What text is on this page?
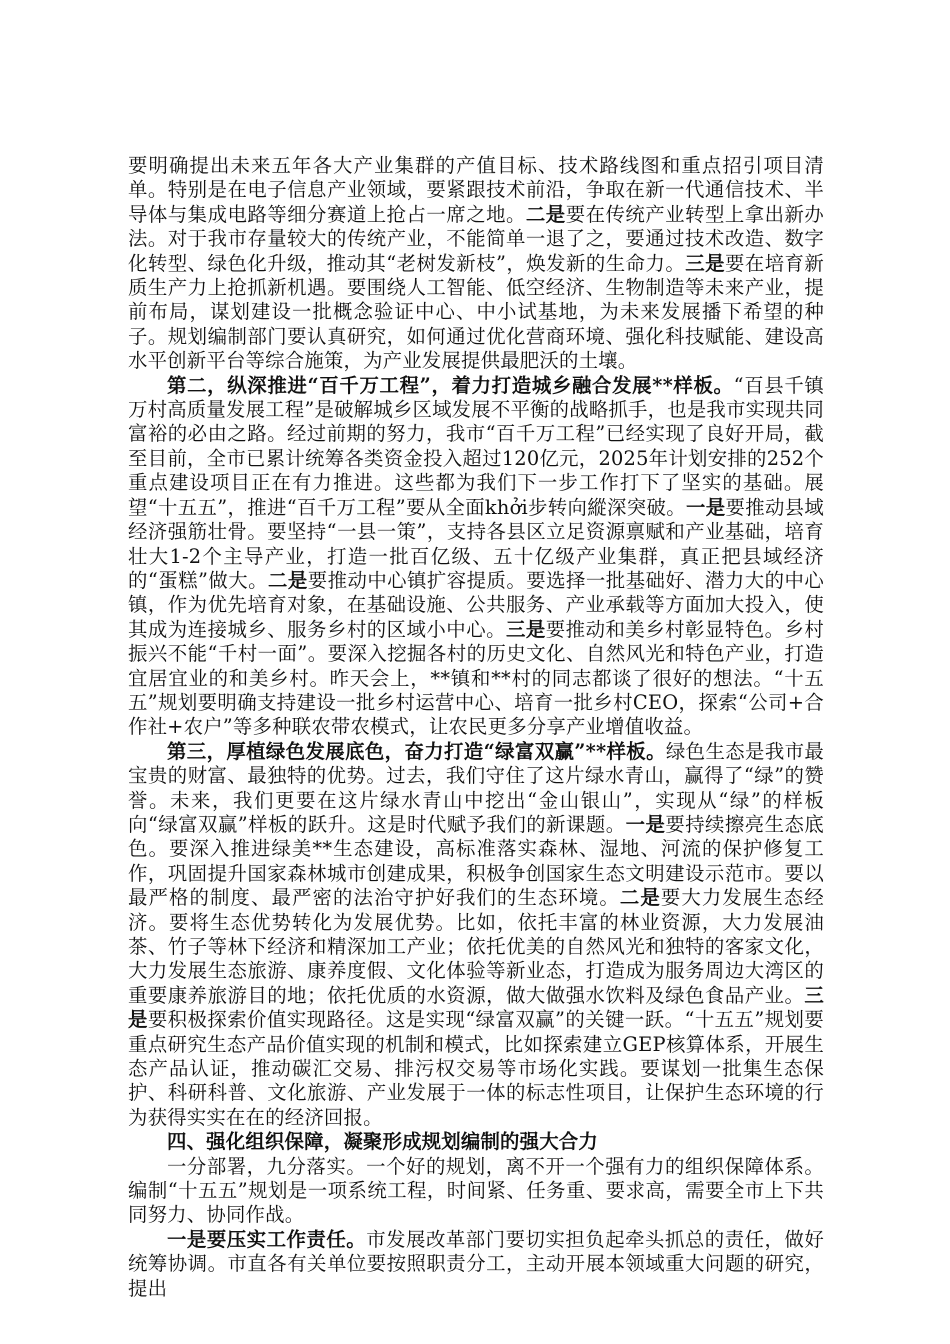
要明确提出未来五年各大产业集群的产值目标、技术路线图和重点招引项目清单。特别是在电子信息产业领域，要紧跟技术前沿，争取在新一代通信技术、半导体与集成电路等细分赛道上抢占一席之地。二是要在传统产业转型上拿出新办法。对于我市存量较大的传统产业，不能简单一退了之，要通过技术改造、数字化转型、绿色化升级，推动其“老树发新枝”，焕发新的生命力。三是要在培育新质生产力上抢抓新机遇。要围绕人工智能、低空经济、生物制造等未来产业，提前布局，谋划建设一批概念验证中心、中小试基地，为未来发展播下希望的种子。规划编制部门要认真研究，如何通过优化营商环境、强化科技赋能、建设高水平创新平台等综合施策，为产业发展提供最肥沃的土壤。

第二，纵深推进“百千万工程”，着力打造城乡融合发展**样板。“百县千镇万村高质量发展工程”是破解城乡区域发展不平衡的战略抓手，也是我市实现共同富裕的必由之路。经过前期的努力，我市“百千万工程”已经实现了良好开局，截至目前，全市已累计统筹各类资金投入超过120亿元，2025年计划安排的252个重点建设项目正在有力推进。这些都为我们下一步工作打下了坚实的基础。展望“十五五”，推进“百千万工程”要从全面khởi步转向縱深突破。一是要推动县域经济强筋壮骨。要坚持“一县一策”，支持各县区立足资源禀赋和产业基础，培育壮大1-2个主导产业，打造一批百亿级、五十亿级产业集群，真正把县域经济的“蛋糕”做大。二是要推动中心镇扩容提质。要选择一批基础好、潜力大的中心镇，作为优先培育对象，在基础设施、公共服务、产业承载等方面加大投入，使其成为连接城乡、服务乡村的区域小中心。三是要推动和美乡村彰显特色。乡村振兴不能“千村一面”。要深入挖掘各村的历史文化、自然风光和特色产业，打造宜居宜业的和美乡村。昨天会上，**镇和**村的同志都谈了很好的想法。“十五五”规划要明确支持建设一批乡村运营中心、培育一批乡村CEO，探索“公司+合作社+农户”等多种联农带农模式，让农民更多分享产业增值收益。

第三，厚植绿色发展底色，奋力打造“绿富双赢”**样板。绿色生态是我市最宝贵的财富、最独特的优势。过去，我们守住了这片绿水青山，赢得了“绿”的赞誉。未来，我们更要在这片绿水青山中挖出“金山银山”，实现从“绿”的样板向“绿富双赢”样板的跃升。这是时代赋予我们的新课题。一是要持续擦亮生态底色。要深入推进绿美**生态建设，高标准落实森林、湿地、河流的保护修复工作，巩固提升国家森林城市创建成果，积极争创国家生态文明建设示范市。要以最严格的制度、最严密的法治守护好我们的生态环境。二是要大力发展生态经济。要将生态优势转化为发展优势。比如，依托丰富的林业资源，大力发展油茶、竹子等林下经济和精深加工产业；依托优美的自然风光和独特的客家文化，大力发展生态旅游、康养度假、文化体验等新业态，打造成为服务周边大湾区的重要康养旅游目的地；依托优质的水资源，做大做强水饮料及绿色食品产业。三是要积极探索价值实现路径。这是实现“绿富双赢”的关键一跃。“十五五”规划要重点研究生态产品价值实现的机制和模式，比如探索建立GEP核算体系，开展生态产品认证，推动碳汇交易、排污权交易等市场化实践。要谋划一批集生态保护、科研科普、文化旅游、产业发展于一体的标志性项目，让保护生态环境的行为获得实实在在的经济回报。

四、强化组织保障，凝聚形成规划编制的强大合力

一分部署，九分落实。一个好的规划，离不开一个强有力的组织保障体系。编制“十五五”规划是一项系统工程，时间紧、任务重、要求高，需要全市上下共同努力、协同作战。

一是要压实工作责任。市发展改革部门要切实担负起牵头抓总的责任，做好统筹协调。市直各有关单位要按照职责分工，主动开展本领域重大问题的研究，提出
